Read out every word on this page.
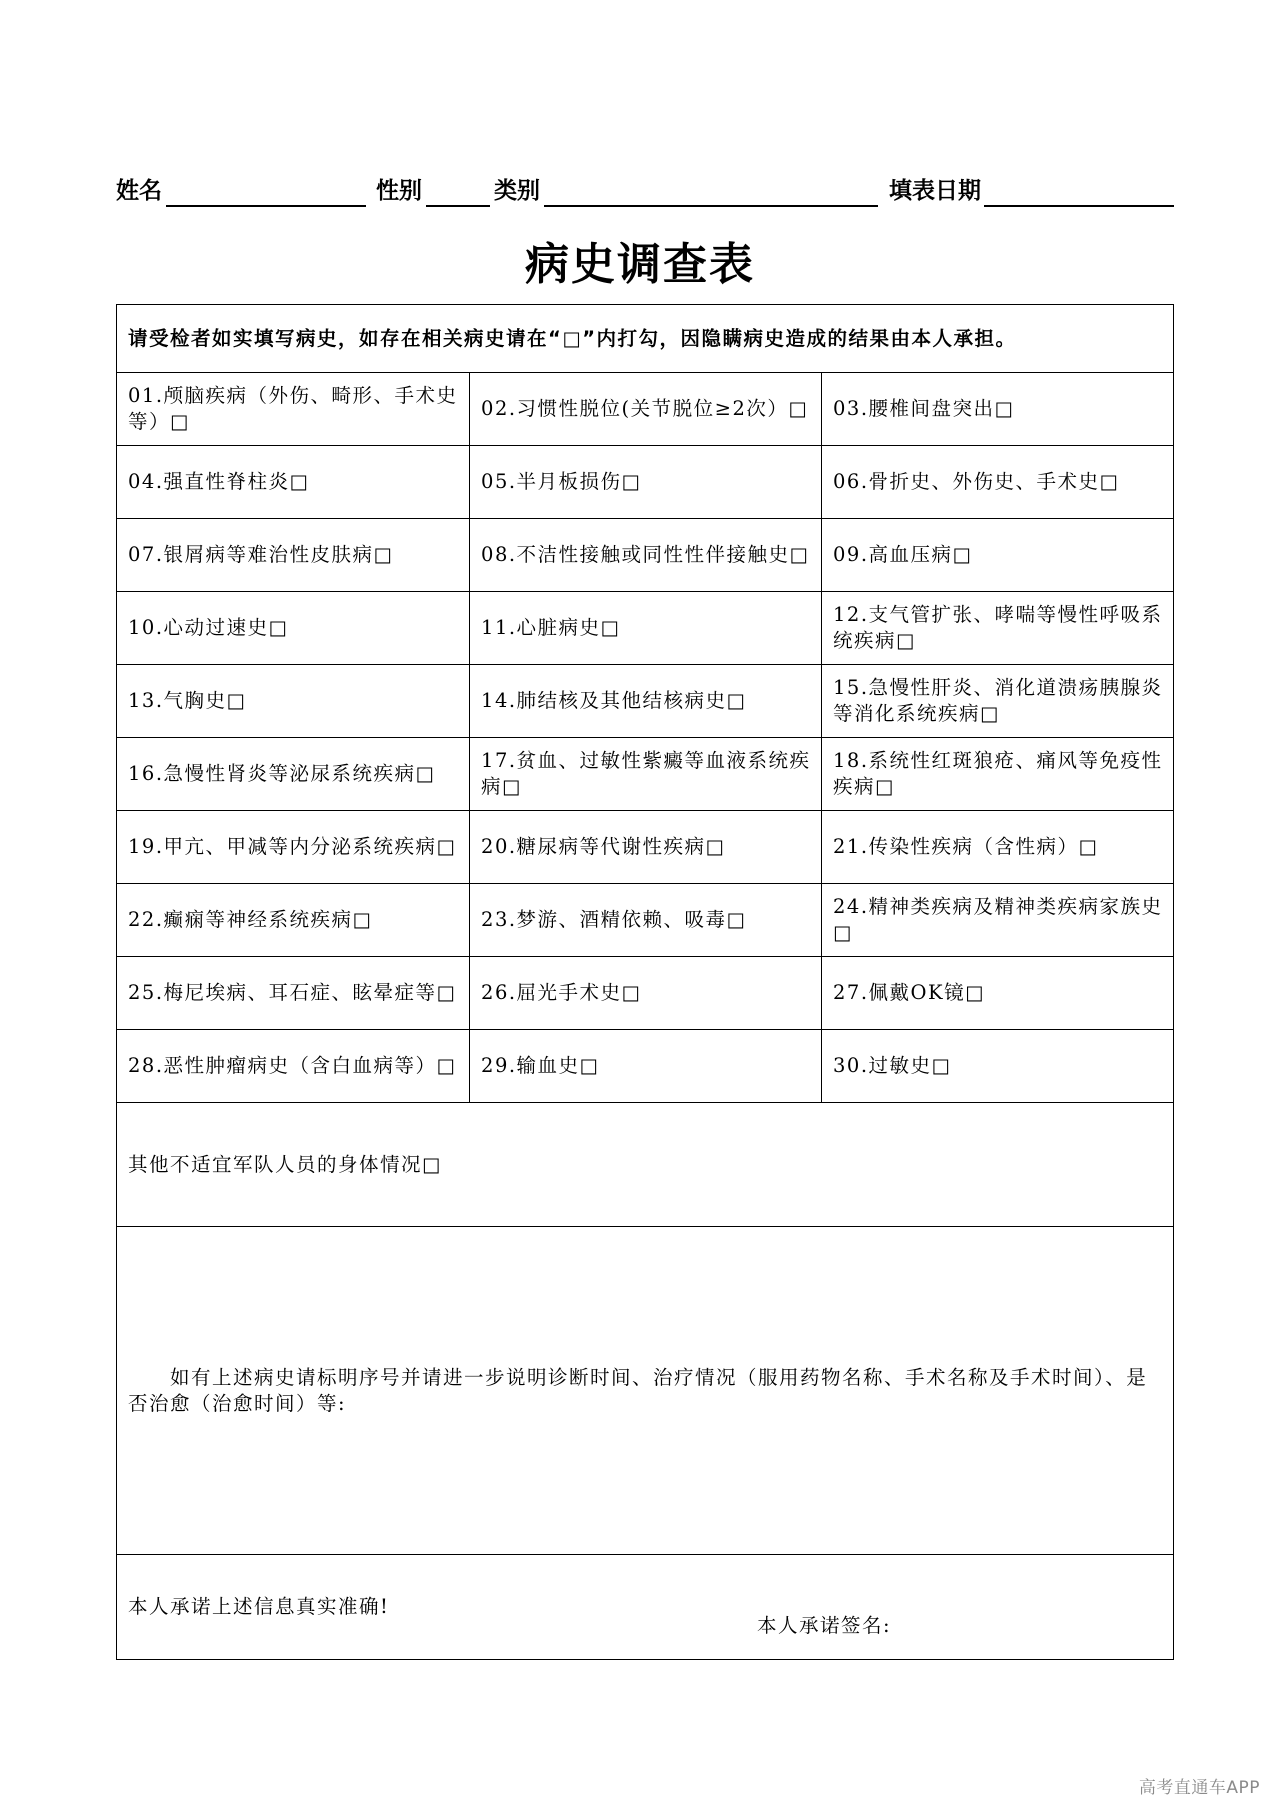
姓名	性别	类别	填表日期
病史调查表
请受检者如实填写病史，如存在相关病史请在“□”内打勾，因隐瞒病史造成的结果由本人承担。		
01.颅脑疾病（外伤、畸形、手术史等）□	02.习惯性脱位(关节脱位≥2次）□	03.腰椎间盘突出□
04.强直性脊柱炎□	05.半月板损伤□	06.骨折史、外伤史、手术史□
07.银屑病等难治性皮肤病□	08.不洁性接触或同性性伴接触史□	09.高血压病□
10.心动过速史□	11.心脏病史□	12.支气管扩张、哮喘等慢性呼吸系统疾病□
13.气胸史□	14.肺结核及其他结核病史□	15.急慢性肝炎、消化道溃疡胰腺炎等消化系统疾病□
16.急慢性肾炎等泌尿系统疾病□	17.贫血、过敏性紫癜等血液系统疾病□	18.系统性红斑狼疮、痛风等免疫性疾病□
19.甲亢、甲减等内分泌系统疾病□	20.糖尿病等代谢性疾病□	21.传染性疾病（含性病）□
22.癫痫等神经系统疾病□	23.梦游、酒精依赖、吸毒□	24.精神类疾病及精神类疾病家族史□
25.梅尼埃病、耳石症、眩晕症等□	26.屈光手术史□	27.佩戴OK镜□
28.恶性肿瘤病史（含白血病等）□	29.输血史□	30.过敏史□
其他不适宜军队人员的身体情况□		
如有上述病史请标明序号并请进一步说明诊断时间、治疗情况（服用药物名称、手术名称及手术时间）、是否治愈（治愈时间）等:		

本人承诺上述信息真实准确!
本人承诺签名:		
高考直通车APP
